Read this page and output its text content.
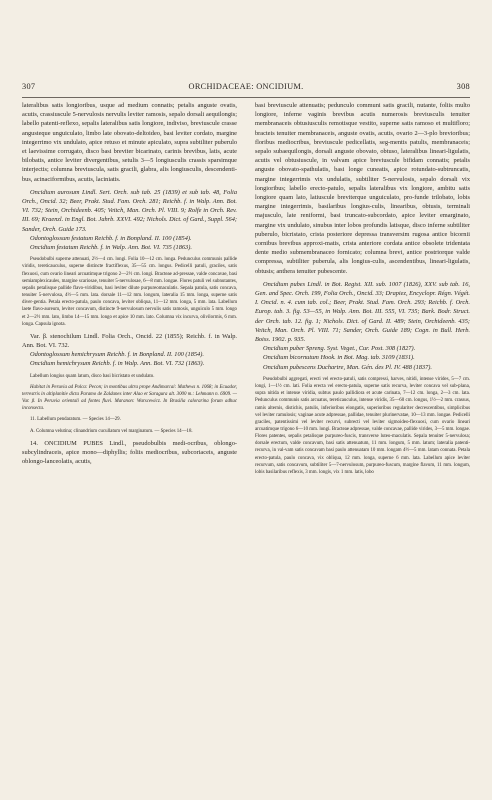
307	ORCHIDACEAE: ONCIDIUM.	308

lateralibus satis longioribus, usque ad medium connatis; petalis anguste ovatis, acutis, crassiuscule 5-nervulosis nervulis leviter ramosis, sepalo dorsali aequilongis; labello patenti-reflexo, sepalis lateralibus satis longiore, indiviso, breviuscule crasse angusteque unguiculato, limbo late obovato-deltoideo, basi leviter cordato, margine integerrimo vix undulato, apice retuso et minute apiculato, supra subtiliter puberulo et laevissime corrugato, disco basi breviter bicarinato, carinis brevibus, latis, acute bilobatis, antice leviter divergentibus, setulis 3—5 longiusculis crassis sparsimque interjectis; columna breviuscula, satis gracili, glabra, alis longiusculis, descendenti-bus, acinaciformibus, acutis, laciniatis.

Oncidium aurosum Lindl. Sert. Orch. sub tab. 25 (1839) et sub tab. 48, Folia Orch., Oncid. 32; Beer, Prakt. Stud. Fam. Orch. 281; Reichb. f. in Walp. Ann. Bot. VI. 732; Stein, Orchideenb. 405; Veitch, Man. Orch. Pl. VIII. 9; Rolfe in Orch. Rev. III. 69; Kraenzl. in Engl. Bot. Jahrb. XXVI. 492; Nichols. Dict. of Gard., Suppl. 564; Sander, Orch. Guide 173.

Odontoglossum festatum Reichb. f. in Bonpland. II. 100 (1854).

Oncidium festatum Reichb. f. in Walp. Ann. Bot. VI. 735 (1863).

Pseudobulbi superne attenuati, 2½—4 cm. longi. Folia 10—12 cm. longa. Pedunculus communis pallide viridis, tereticauculus, superne distincte fractiflexus, 35—55 cm. longus. Pedicelli patuli, graciles, satis flexuosi, cum ovario lineari arcuatimque trigono 2—2½ cm. longi. Bracteae ad-pressae, valde concavae, basi semiamplexicaules, margine scariosae, tenuiter 5-nervulosae, 6—8 mm. longae. Flores patuli vel subnutantes, sepalis petalisque pallide flavo-viridibus, basi leviter dilute purpureomaculatis. Sepala patula, satis concava, tenuiter 5-nervulosa, 4½—5 mm. lata. dorsale 11—12 mm. longum, lateralia 15 mm. longa, superne satis diver-gentia. Petala erecto-patula, paulo concava, leviter obliqua, 11—12 mm. longa, 5 mm. lata. Labellum laete flavo-aureum, leviter concavum, distincte 9-nervulosum nervulis satis ramosis, unguiculo 5 mm. longo et 2—2½ mm. lato, limbo 14—15 mm. longo et apice 10 mm. lato. Columna vix incurva, olivilormis, 6 mm. longa. Capsula ignota.

Var. β. stenochilum Lindl. Folia Orch., Oncid. 22 (1855); Reichb. f. in Walp. Ann. Bot. VI. 732.

Odontoglossum hemichrysum Reichb. f. in Bonpland. II. 100 (1854).

Oncidium hemichrysum Reichb. f. in Walp. Ann. Bot. VI. 732 (1863).

Labellum longius quam latum, disco basi bicristato et undulato.

Habitat in Peruvia ad Polca: Pecon; in montibus ultra prope Andimarcai: Mathews n. 1068; in Ecuador, terrestris in altiplanitie dicta Paramo de Zaldanes inter Alao et Saragura alt. 3000 m.: Lehmann n. 6909. — Var. β. In Peruvia orientali ad fontes fluvi. Maranon: Warscewicz. In Brasilia calorarina forum adhuc inconsecta.

11. Labellum pendaratum. — Species 14—29.

A. Columna velutina; clinandrium cucullatum vel marginatum. — Species 14—18.

14. ONCIDIUM PUBES Lindl., pseudobulbis medi-ocribus, oblongo-subcylindraceis, apice mono—diphyllis; foliis mediocribus, subcoriaceis, anguste oblongo-lanceolatis, acutis,

basi breviuscule attenuatis; pedunculo communi satis gracili, nutante, foliis multo longiore, inferne vaginis brevibus acutis numerosis breviusculis tenuiter membranaceis obtusiusculis remotisque vestito, superne satis ramoso et multifloro; bracteis tenuiter membranaceis, anguste ovatis, acutis, ovario 2—3-plo brevioribus; floribus mediocribus, breviuscule pedicellatis, seg-mentis patulis, membranaceis; sepalo subaequilongis, dorsali anguste obovato, obtuso, lateralibus lineari-ligulatis, acutis vel obtusiuscule, in valvam apice breviuscule bifidam connatis; petalis anguste obovato-spathulatis, basi longe cuneatis, apice rotundato-subtruncatis, margine integerrimis vix undulatis, subtiliter 5-nervulosis, sepalo dorsali vix longioribus; labello erecto-patulo, sepalis lateralibus vix longiore, ambitu satis longiore quam lato, latiuscule breviterque unguiculato, pro-funde trilobato, lobis margine integerrimis, basilaribus longius-culis, linearibus, obtusis, terminali majusculo, late reniformi, basi truncato-subcordato, apice leviter emarginato, margine vix undulato, sinubus inter lobos profundis latisque, disco inferne subtiliter puberulo, bicristato, crista posteriore depressa transversim rugosa antice bicornii cornibus brevibus approxi-matis, crista anteriore cordata antice obsolete tridentata dente medio submembranaceo fornicato; columna brevi, antice postriorque valde compressa, subtiliter puberula, alis longius-culis, ascendentibus, lineari-ligulatis, obtusis; anthera tenuiter pubescente.

Oncidium pubes Lindl. in Bot. Regist. XII. sub. 1007 (1826), XXV. sub tab. 16, Gen. and Spec. Orch. 199, Folia Orch., Oncid. 33; Drapiez, Encyclopr. Régn. Végét. I. Oncid. n. 4. cum tab. col.; Beer, Prakt. Stud. Fam. Orch. 293; Reichb. f. Orch. Europ. tab. 3. fig. 53—55, in Walp. Ann. Bot. III. 555, VI. 735; Bark. Bodr. Struct. der Orch. tab. 12. fig. 1; Nichols. Dict. of Gard. II. 489; Stein, Orchideenb. 435; Veitch, Man. Orch. Pl. VIII. 71; Sander, Orch. Guide 189; Cogn. in Bull. Herb. Boiss. 1902. p. 935.

Oncidium puber Spreng. Syst. Veget., Cur. Post. 308 (1827).

Oncidium bicornutum Hook. in Bot. Mag. tab. 3109 (1831).

Oncidium pubescens Duchartre, Man. Gén. des Pl. IV. 488 (1837).

Pseudobulbi aggregati, erecti vel erecto-patuli, satis compressi, harves, nitidi, intense virides, 5—7 cm. longi, 1—1½ cm. lati. Folia erecta vel erecto-patula, superne satis recurva, leviter concava vel sub-plana, supra nitida et intense viridia, subtus paulo pallidiora et acute carinata, 7—12 cm. longa, 2—3 cm. lata. Pedunculus communis satis arcuatus, tereticauculus, intense viridis, 35—60 cm. longus, 1½—2 mm. crassus, ramis alternis, distichis, patulis, inferioribus elongatis, superioribus regulariter decrescentibus, simplicibus vel leviter ramulosis; vaginae acute adpressae, pallidae, tenuiter plurinervatae, 10—13 mm. longae. Pedicelli graciles, patentissimi vel leviter recurvi, subrecti vel leviter sigmoideo-flexuosi, cum ovario lineari arcuatimque trigono 6—10 mm. longi. Bracteae adpressae, valde concavae, pallide virides, 3—5 mm. longae. Flores patentes, sepalis petalisque purpureo-fuscis, transverse luteo-maculatis. Sepala tenuiter 5-nervulosa; dorsale erectum, valde concavum, basi satis attenuatum, 11 mm. longum, 5 mm. latum; lateralia patenti-recurva, in val-vam satis concavam basi paulo attenuatam 10 mm. longam 4½—5 mm. latam connata. Petala erecto-patula, paulo concava, vix obliqua, 12 mm. longa, superne 6 mm. lata. Labellum apice leviter recurvum, satis concavum, subtiliter 5—7-nervulosum, purpureo-fuscum, margine flavum, 11 mm. longum, lobis basilaribus reflexis, 3 mm. longis, vix 1 mm. latis, lobo
